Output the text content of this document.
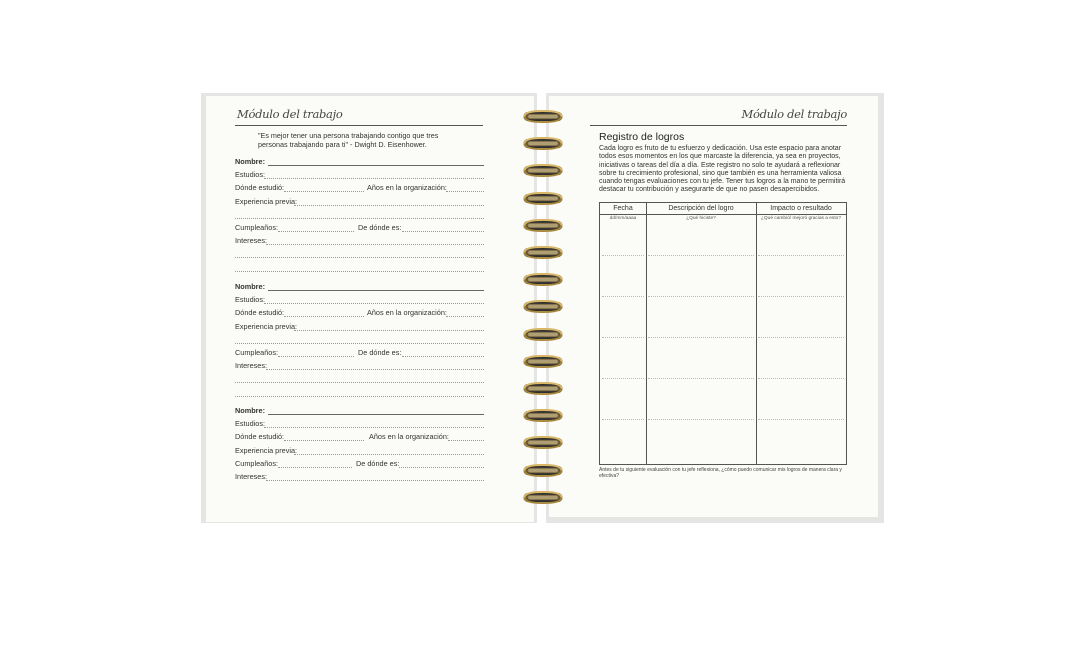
Módulo del trabajo
"Es mejor tener una persona trabajando contigo que tres personas trabajando para ti" - Dwight D. Eisenhower.
Nombre:
Estudios:
Dónde estudió:	Años en la organización:
Experiencia previa:
Cumpleaños:	De dónde es:
Intereses:
Nombre:
Estudios:
Dónde estudió:	Años en la organización:
Experiencia previa:
Cumpleaños:	De dónde es:
Intereses:
Nombre:
Estudios:
Dónde estudió:	Años en la organización:
Experiencia previa:
Cumpleaños:	De dónde es:
Intereses:
Módulo del trabajo
Registro de logros
Cada logro es fruto de tu esfuerzo y dedicación. Usa este espacio para anotar todos esos momentos en los que marcaste la diferencia, ya sea en proyectos, iniciativas o tareas del día a día. Este registro no solo te ayudará a reflexionar sobre tu crecimiento profesional, sino que también es una herramienta valiosa cuando tengas evaluaciones con tu jefe. Tener tus logros a la mano te permitirá destacar tu contribución y asegurarte de que no pasen desapercibidos.
Fecha	Descripción del logro	Impacto o resultado
dd/mm/aaaa	¿Qué hiciste?	¿Qué cambió/ mejoró gracias a esto?
Antes de tu siguiente evaluación con tu jefe reflexiona, ¿cómo puedo comunicar mis logros de manera clara y efectiva?
